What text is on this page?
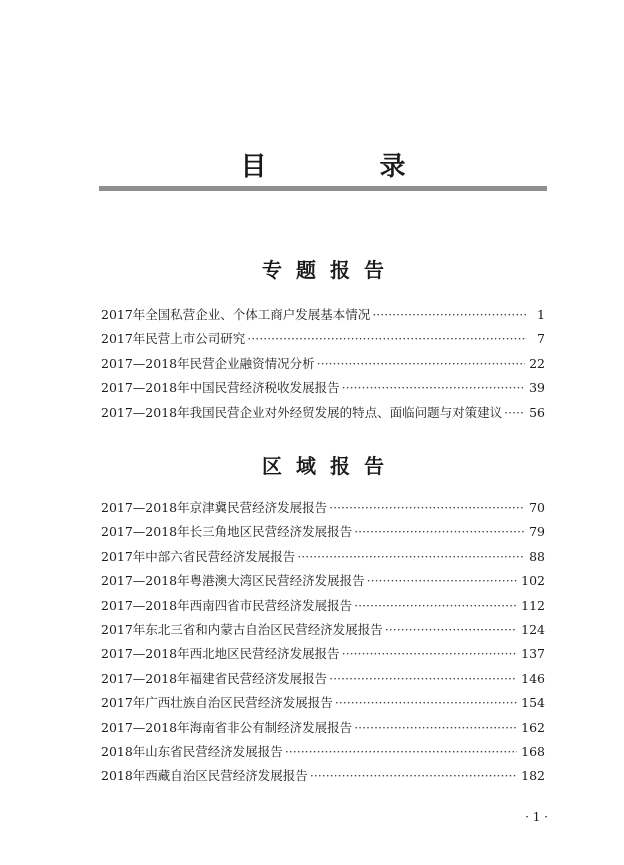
目 录
专题报告
2017年全国私营企业、个体工商户发展基本情况 ·····	1
2017年民营上市公司研究 ·····	7
2017—2018年民营企业融资情况分析 ·····	22
2017—2018年中国民营经济税收发展报告 ·····	39
2017—2018年我国民营企业对外经贸发展的特点、面临问题与对策建议 ····· 56
区域报告
2017—2018年京津冀民营经济发展报告 ·····	70
2017—2018年长三角地区民营经济发展报告 ·····	79
2017年中部六省民营经济发展报告 ·····	88
2017—2018年粤港澳大湾区民营经济发展报告 ·····	102
2017—2018年西南四省市民营经济发展报告 ·····	112
2017年东北三省和内蒙古自治区民营经济发展报告 ·····	124
2017—2018年西北地区民营经济发展报告 ·····	137
2017—2018年福建省民营经济发展报告 ·····	146
2017年广西壮族自治区民营经济发展报告 ·····	154
2017—2018年海南省非公有制经济发展报告 ·····	162
2018年山东省民营经济发展报告 ·····	168
2018年西藏自治区民营经济发展报告 ·····	182
· 1 ·
